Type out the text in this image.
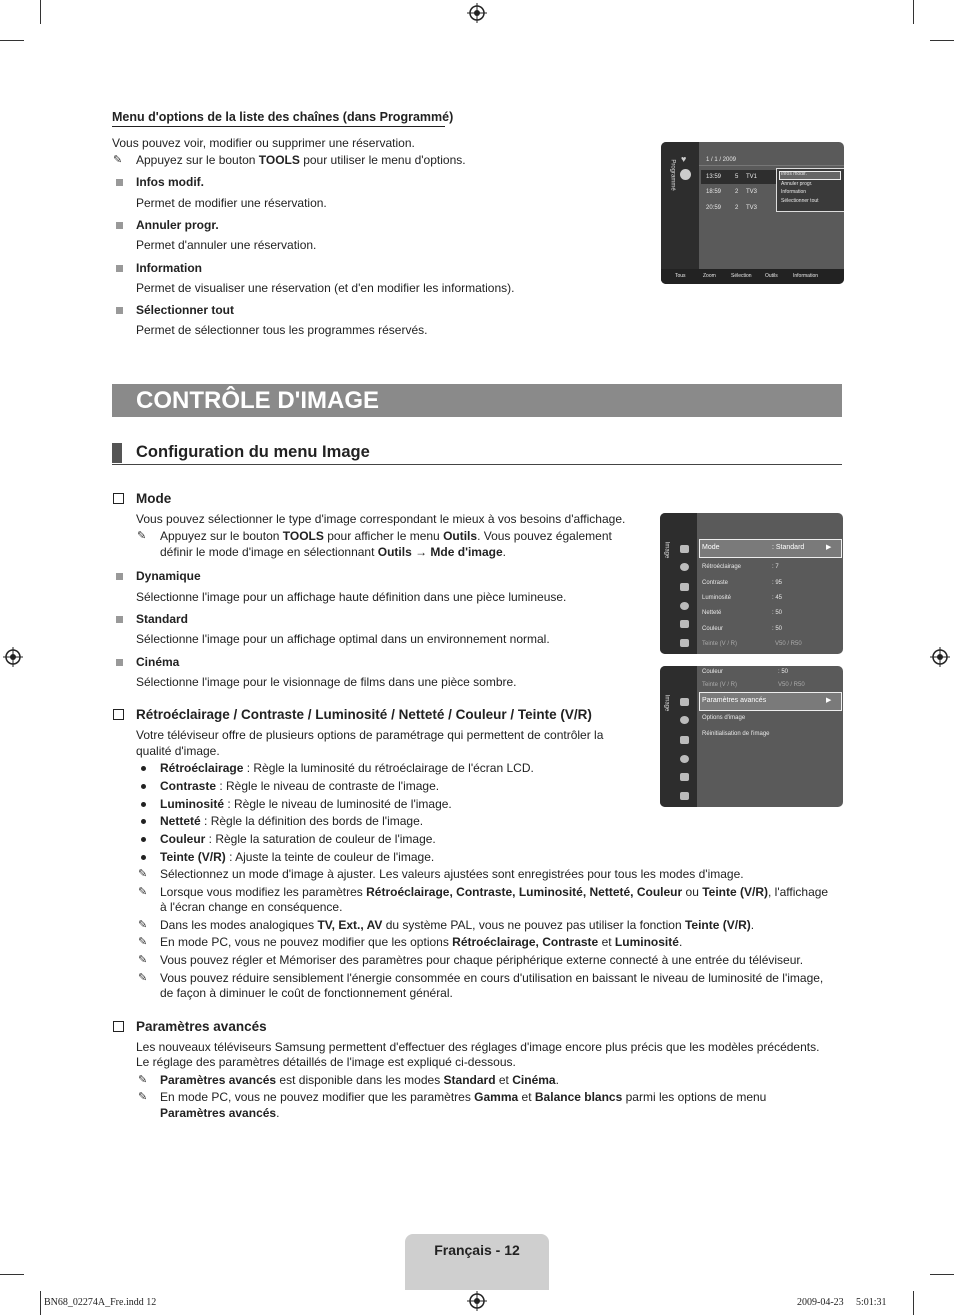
Menu d'options de la liste des chaînes (dans Programmé)
Vous pouvez voir, modifier ou supprimer une réservation.
✎ Appuyez sur le bouton TOOLS pour utiliser le menu d'options.
Infos modif.
Permet de modifier une réservation.
Annuler progr.
Permet d'annuler une réservation.
Information
Permet de visualiser une réservation (et d'en modifier les informations).
Sélectionner tout
Permet de sélectionner tous les programmes réservés.
Programmé
♥	1 / 1 / 2009
13:59 5 TV1
18:59 2 TV3
20:59 2 TV3
Infos modif.
Annuler progr.
Information
Sélectionner tout
Tous	Zoom	Sélection	Outils	Information
CONTRÔLE D'IMAGE
Configuration du menu Image
Mode
Vous pouvez sélectionner le type d'image correspondant le mieux à vos besoins d'affichage.
✎ Appuyez sur le bouton TOOLS pour afficher le menu Outils. Vous pouvez également
définir le mode d'image en sélectionnant Outils → Mde d'image.
Dynamique
Sélectionne l'image pour un affichage haute définition dans une pièce lumineuse.
Standard
Sélectionne l'image pour un affichage optimal dans un environnement normal.
Cinéma
Sélectionne l'image pour le visionnage de films dans une pièce sombre.
Image	Mode	: Standard	▶
Rétroéclairage	: 7
Contraste	: 95
Luminosité	: 45
Netteté	: 50
Couleur	: 50
Teinte (V / R)	V50 / R50
Image
Couleur	: 50
Teinte (V / R)	V50 / R50
Paramètres avancés	▶
Options d'image
Réinitialisation de l'image
Rétroéclairage / Contraste / Luminosité / Netteté / Couleur / Teinte (V/R)
Votre téléviseur offre de plusieurs options de paramétrage qui permettent de contrôler la
qualité d'image.
Rétroéclairage : Règle la luminosité du rétroéclairage de l'écran LCD.
Contraste : Règle le niveau de contraste de l'image.
Luminosité : Règle le niveau de luminosité de l'image.
Netteté : Règle la définition des bords de l'image.
Couleur : Règle la saturation de couleur de l'image.
Teinte (V/R) : Ajuste la teinte de couleur de l'image.
✎ Sélectionnez un mode d'image à ajuster. Les valeurs ajustées sont enregistrées pour tous les modes d'image.
✎ Lorsque vous modifiez les paramètres Rétroéclairage, Contraste, Luminosité, Netteté, Couleur ou Teinte (V/R), l'affichage
à l'écran change en conséquence.
✎ Dans les modes analogiques TV, Ext., AV du système PAL, vous ne pouvez pas utiliser la fonction Teinte (V/R).
✎ En mode PC, vous ne pouvez modifier que les options Rétroéclairage, Contraste et Luminosité.
✎ Vous pouvez régler et Mémoriser des paramètres pour chaque périphérique externe connecté à une entrée du téléviseur.
✎ Vous pouvez réduire sensiblement l'énergie consommée en cours d'utilisation en baissant le niveau de luminosité de l'image,
de façon à diminuer le coût de fonctionnement général.
Paramètres avancés
Les nouveaux téléviseurs Samsung permettent d'effectuer des réglages d'image encore plus précis que les modèles précédents.
Le réglage des paramètres détaillés de l'image est expliqué ci-dessous.
✎ Paramètres avancés est disponible dans les modes Standard et Cinéma.
✎ En mode PC, vous ne pouvez modifier que les paramètres Gamma et Balance blancs parmi les options de menu
Paramètres avancés.
Français - 12
BN68_02274A_Fre.indd 12	2009-04-23 5:01:31
